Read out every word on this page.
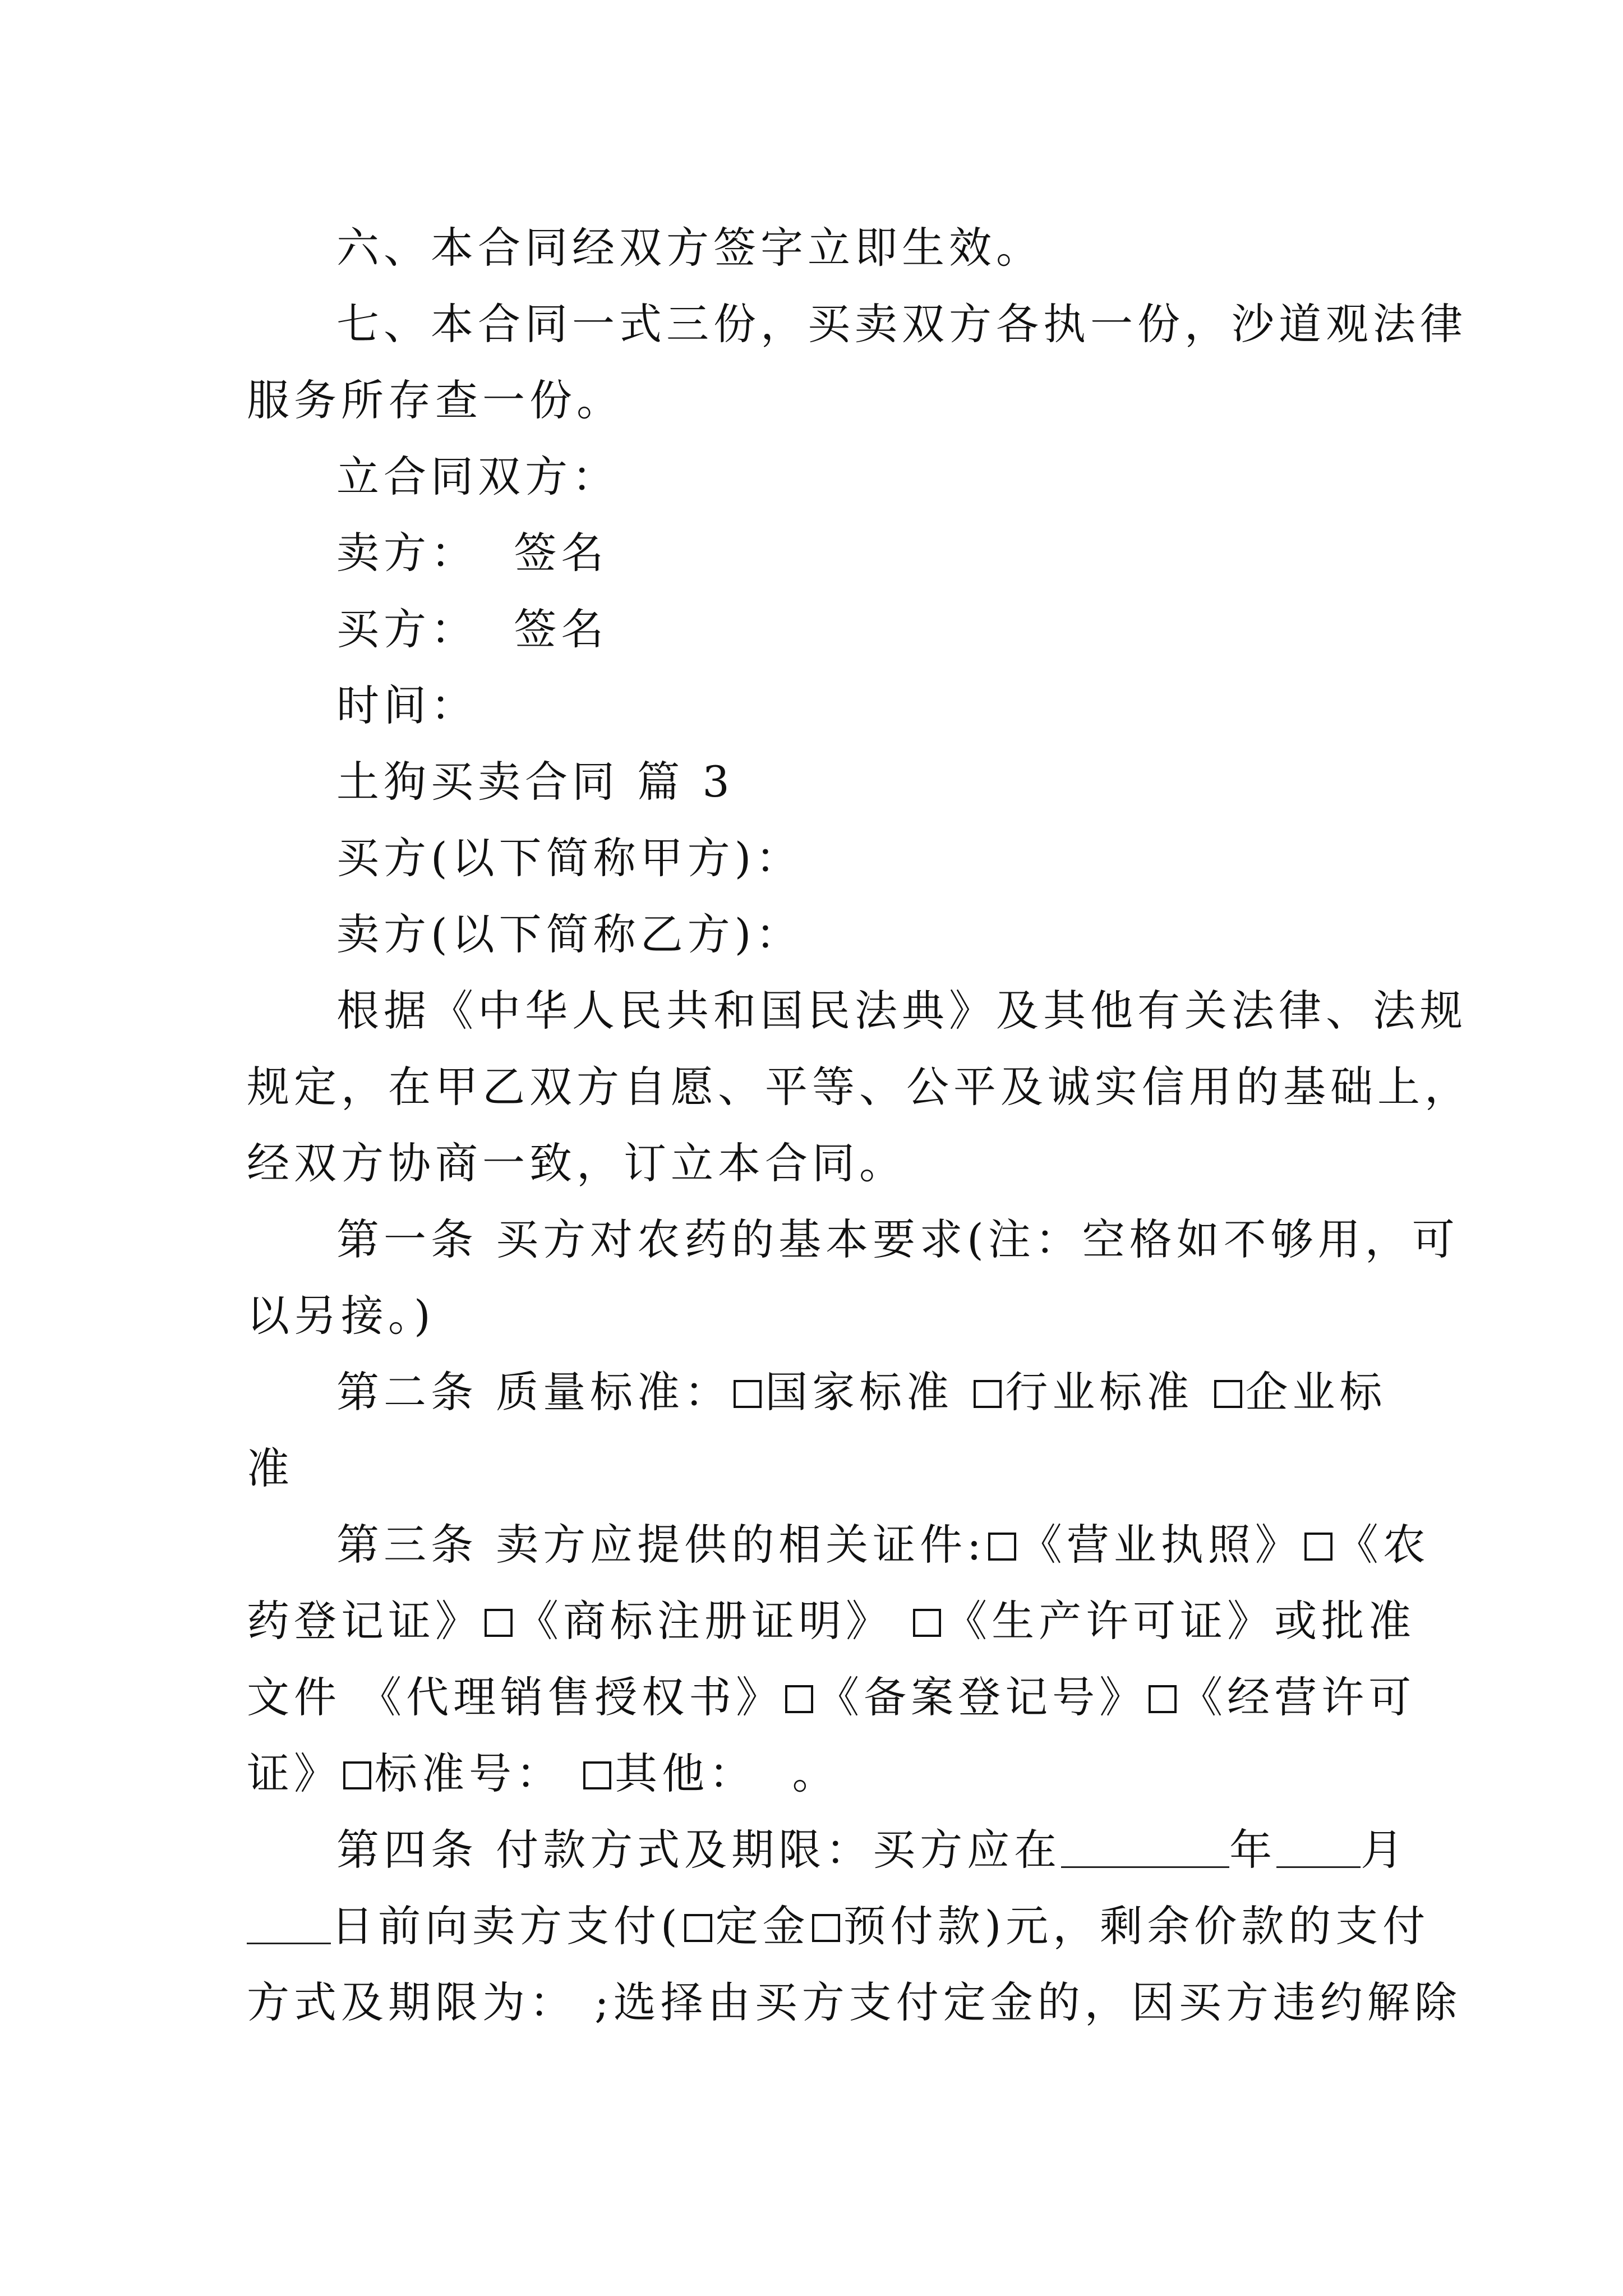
六、本合同经双方签字立即生效。
七、本合同一式三份，买卖双方各执一份，沙道观法律
服务所存查一份。
立合同双方：
卖方：  签名
买方：  签名
时间：
土狗买卖合同 篇 3
买方(以下简称甲方)：
卖方(以下简称乙方)：
根据《中华人民共和国民法典》及其他有关法律、法规
规定，在甲乙双方自愿、平等、公平及诚实信用的基础上，
经双方协商一致，订立本合同。
第一条 买方对农药的基本要求(注：空格如不够用，可
以另接。)
第二条 质量标准： 国家标准 行业标准 企业标
准
第三条 卖方应提供的相关证件: 《营业执照》 《农
药登记证》 《商标注册证明》 《生产许可证》或批准
文件 《代理销售授权书》 《备案登记号》 《经营许可
证》 标准号： 其他：  。
第四条 付款方式及期限：买方应在	年 月
日前向卖方支付( 定金 预付款)元，剩余价款的支付
方式及期限为： ;选择由买方支付定金的，因买方违约解除
